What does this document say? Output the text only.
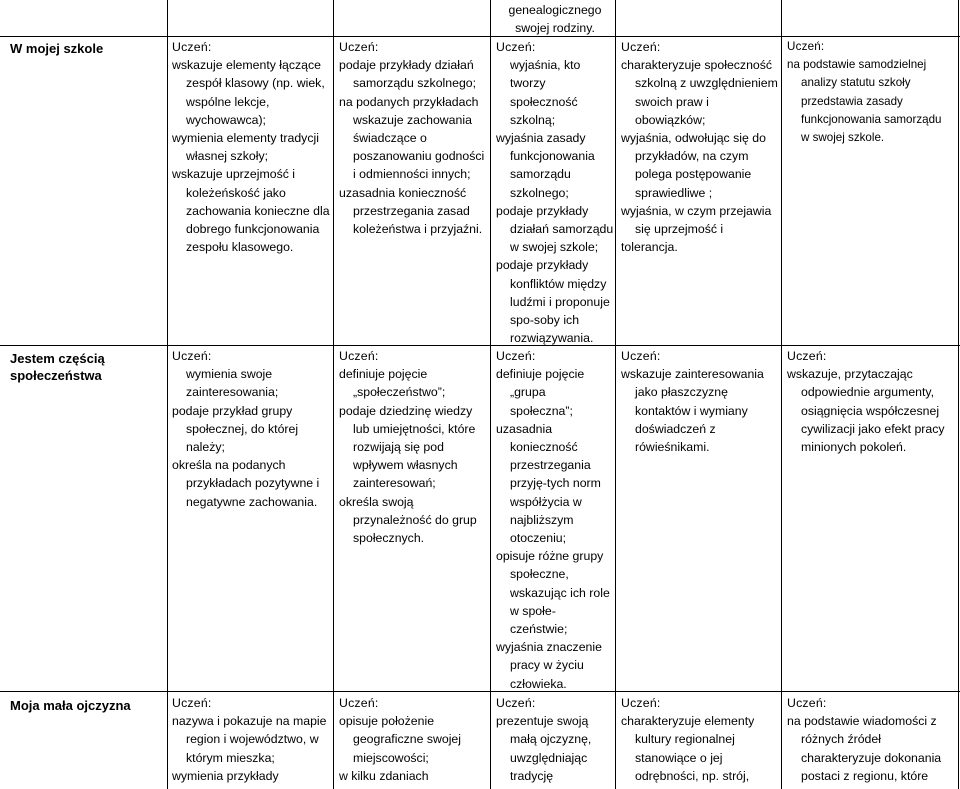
genealogicznego
swojej rodziny.
W mojej szkole	Uczeń:
wskazuje elementy łączące
zespół klasowy (np. wiek,
wspólne lekcje,
wychowawca);
wymienia elementy tradycji
własnej szkoły;
wskazuje uprzejmość i
koleżeńskość jako
zachowania konieczne dla
dobrego funkcjonowania
zespołu klasowego.
Uczeń:
podaje przykłady działań
samorządu szkolnego;
na podanych przykładach
wskazuje zachowania
świadczące o
poszanowaniu godności
i odmienności innych;
uzasadnia konieczność
przestrzegania zasad
koleżeństwa i przyjaźni.
Uczeń:
wyjaśnia, kto
tworzy
społeczność
szkolną;
wyjaśnia zasady
funkcjonowania
samorządu
szkolnego;
podaje przykłady
działań samorządu
w swojej szkole;
podaje przykłady
konfliktów między
ludźmi i proponuje
spo-soby ich
rozwiązywania.
Uczeń:
charakteryzuje społeczność
szkolną z uwzględnieniem
swoich praw i
obowiązków;
wyjaśnia, odwołując się do
przykładów, na czym
polega postępowanie
sprawiedliwe ;
wyjaśnia, w czym przejawia
się uprzejmość i
tolerancja.
Uczeń:
na podstawie samodzielnej
analizy statutu szkoły
przedstawia zasady
funkcjonowania samorządu
w swojej szkole.
Jestem częścią
społeczeństwa
Uczeń:
wymienia swoje
zainteresowania;
podaje przykład grupy
społecznej, do której
należy;
określa na podanych
przykładach pozytywne i
negatywne zachowania.
Uczeń:
definiuje pojęcie
„społeczeństwo”;
podaje dziedzinę wiedzy
lub umiejętności, które
rozwijają się pod
wpływem własnych
zainteresowań;
określa swoją
przynależność do grup
społecznych.
Uczeń:
definiuje pojęcie
„grupa
społeczna”;
uzasadnia
konieczność
przestrzegania
przyję-tych norm
współżycia w
najbliższym
otoczeniu;
opisuje różne grupy
społeczne,
wskazując ich role
w społe-
czeństwie;
wyjaśnia znaczenie
pracy w życiu
człowieka.
Uczeń:
wskazuje zainteresowania
jako płaszczyznę
kontaktów i wymiany
doświadczeń z
rówieśnikami.
Uczeń:
wskazuje, przytaczając
odpowiednie argumenty,
osiągnięcia współczesnej
cywilizacji jako efekt pracy
minionych pokoleń.
Moja mała ojczyzna	Uczeń:
nazywa i pokazuje na mapie
region i województwo, w
którym mieszka;
wymienia przykłady
Uczeń:
opisuje położenie
geograficzne swojej
miejscowości;
w kilku zdaniach
Uczeń:
prezentuje swoją
małą ojczyznę,
uwzględniając
tradycję
Uczeń:
charakteryzuje elementy
kultury regionalnej
stanowiące o jej
odrębności, np. strój,
Uczeń:
na podstawie wiadomości z
różnych źródeł
charakteryzuje dokonania
postaci z regionu, które
